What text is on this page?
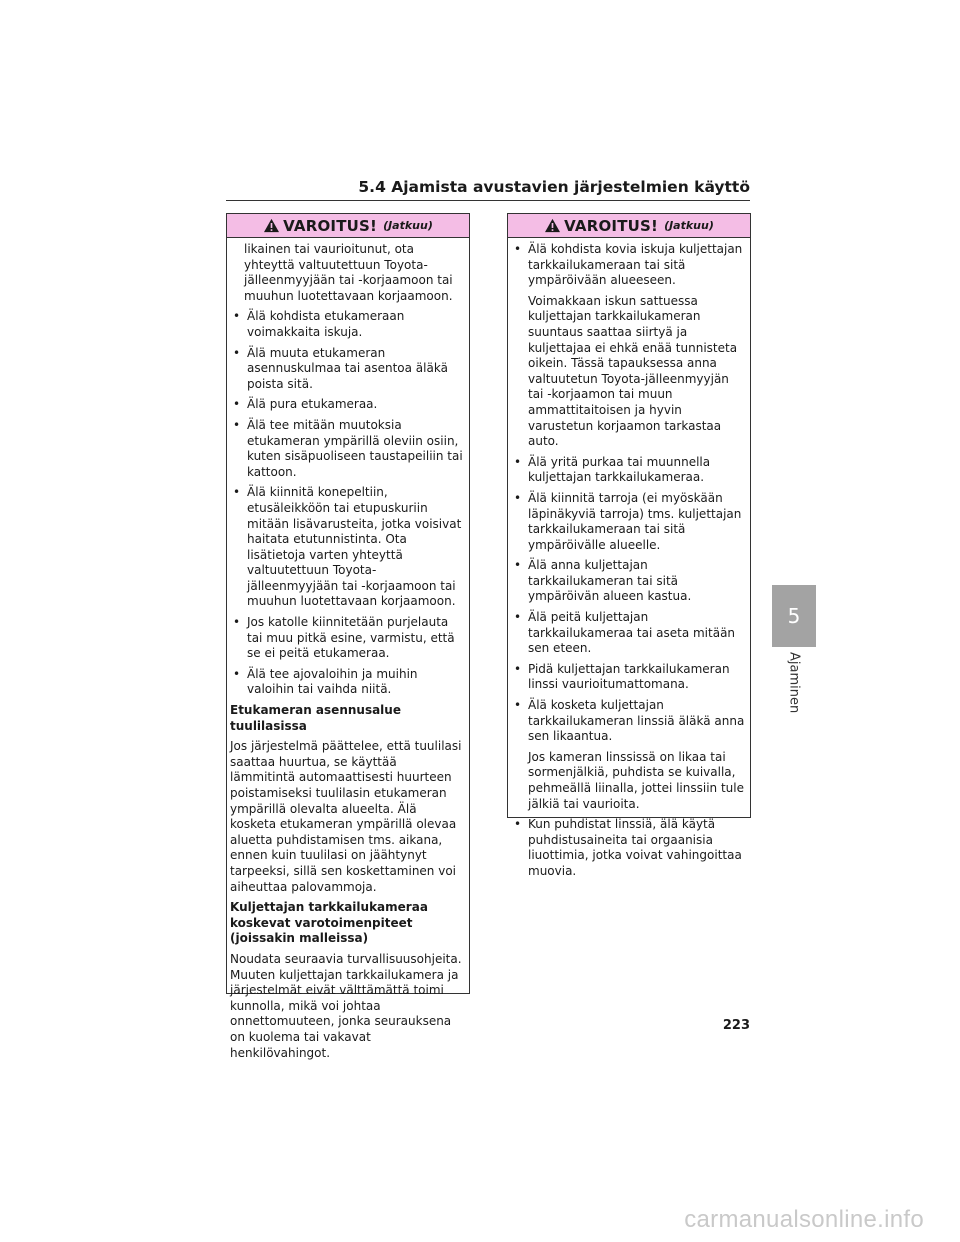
5.4 Ajamista avustavien järjestelmien käyttö
VAROITUS! (Jatkuu)

likainen tai vaurioitunut, ota yhteyttä valtuutettuun Toyota-jälleenmyyjään tai -korjaamoon tai muuhun luotettavaan korjaamoon.

• Älä kohdista etukameraan voimakkaita iskuja.

• Älä muuta etukameran asennuskulmaa tai asentoa äläkä poista sitä.

• Älä pura etukameraa.

• Älä tee mitään muutoksia etukameran ympärillä oleviin osiin, kuten sisäpuoliseen taustapeiliin tai kattoon.

• Älä kiinnitä konepeltiin, etusäleikköön tai etupuskuriin mitään lisävarusteita, jotka voisivat haitata etutunnistinta. Ota lisätietoja varten yhteyttä valtuutettuun Toyota-jälleenmyyjään tai -korjaamoon tai muuhun luotettavaan korjaamoon.

• Jos katolle kiinnitetään purjelauta tai muu pitkä esine, varmistu, että se ei peitä etukameraa.

• Älä tee ajovaloihin ja muihin valoihin tai vaihda niitä.

Etukameran asennusalue tuulilasissa

Jos järjestelmä päättelee, että tuulilasi saattaa huurtua, se käyttää lämmitintä automaattisesti huurteen poistamiseksi tuulilasin etukameran ympärillä olevalta alueelta. Älä kosketa etukameran ympärillä olevaa aluetta puhdistamisen tms. aikana, ennen kuin tuulilasi on jäähtynyt tarpeeksi, sillä sen koskettaminen voi aiheuttaa palovammoja.

Kuljettajan tarkkailukameraa koskevat varotoimenpiteet (joissakin malleissa)

Noudata seuraavia turvallisuusohjeita. Muuten kuljettajan tarkkailukamera ja järjestelmät eivät välttämättä toimi kunnolla, mikä voi johtaa onnettomuuteen, jonka seurauksena on kuolema tai vakavat henkilövahingot.

VAROITUS! (Jatkuu)

• Älä kohdista kovia iskuja kuljettajan tarkkailukameraan tai sitä ympäröivään alueeseen.

Voimakkaan iskun sattuessa kuljettajan tarkkailukameran suuntaus saattaa siirtyä ja kuljettajaa ei ehkä enää tunnisteta oikein. Tässä tapauksessa anna valtuutetun Toyota-jälleenmyyjän tai -korjaamon tai muun ammattitaitoisen ja hyvin varustetun korjaamon tarkastaa auto.

• Älä yritä purkaa tai muunnella kuljettajan tarkkailukameraa.

• Älä kiinnitä tarroja (ei myöskään läpinäkyviä tarroja) tms. kuljettajan tarkkailukameraan tai sitä ympäröivälle alueelle.

• Älä anna kuljettajan tarkkailukameran tai sitä ympäröivän alueen kastua.

• Älä peitä kuljettajan tarkkailukameraa tai aseta mitään sen eteen.

• Pidä kuljettajan tarkkailukameran linssi vaurioitumattomana.

• Älä kosketa kuljettajan tarkkailukameran linssiä äläkä anna sen likaantua.

Jos kameran linssissä on likaa tai sormenjälkiä, puhdista se kuivalla, pehmeällä liinalla, jottei linssiin tule jälkiä tai vaurioita.

• Kun puhdistat linssiä, älä käytä puhdistusaineita tai orgaanisia liuottimia, jotka voivat vahingoittaa muovia.

5
Ajaminen
223
carmanualsonline.info
